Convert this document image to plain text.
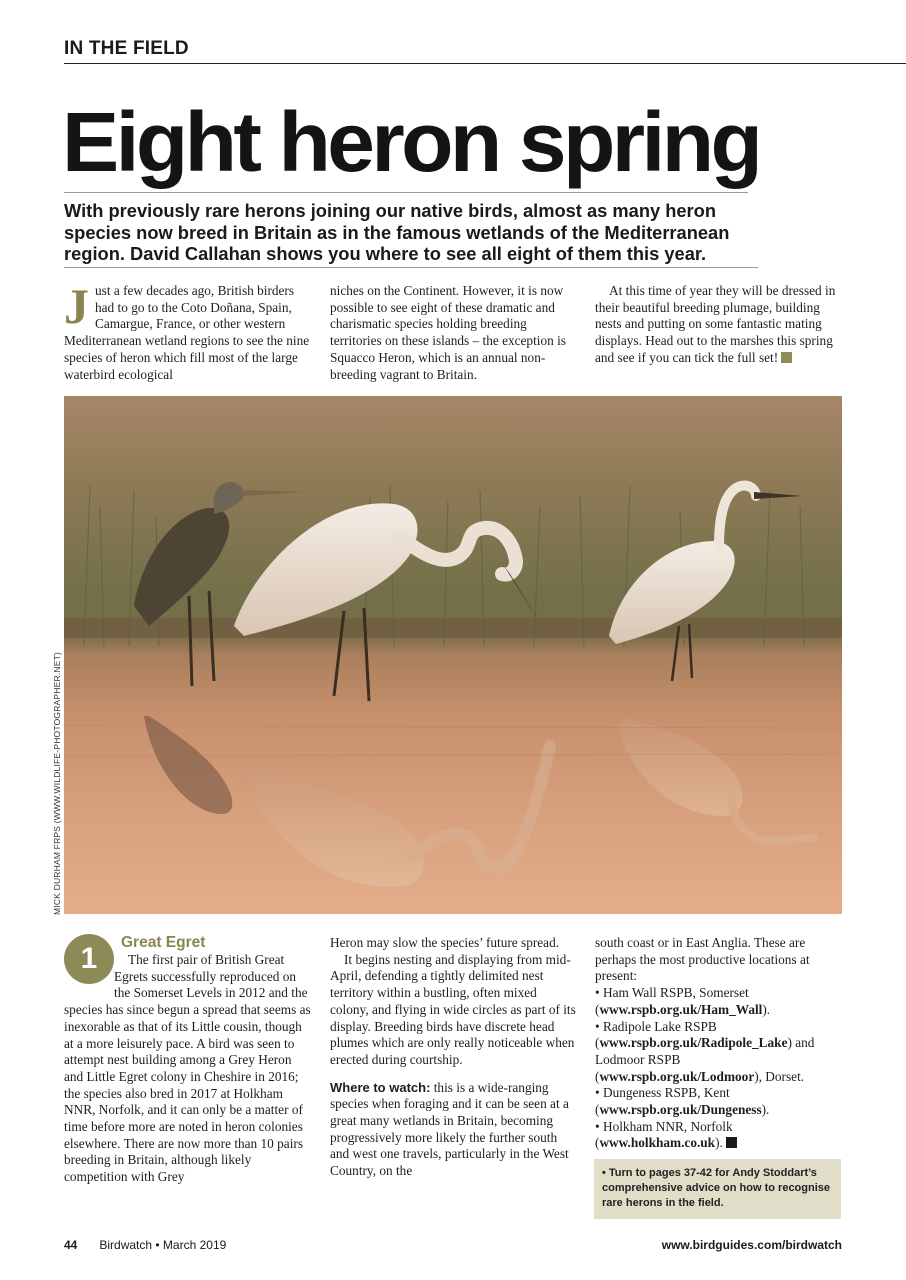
IN THE FIELD
Eight heron spring
With previously rare herons joining our native birds, almost as many heron species now breed in Britain as in the famous wetlands of the Mediterranean region. David Callahan shows you where to see all eight of them this year.
Just a few decades ago, British birders had to go to the Coto Doñana, Spain, Camargue, France, or other western Mediterranean wetland regions to see the nine species of heron which fill most of the large waterbird ecological
niches on the Continent. However, it is now possible to see eight of these dramatic and charismatic species holding breeding territories on these islands – the exception is Squacco Heron, which is an annual non-breeding vagrant to Britain.

At this time of year they will be dressed in their beautiful breeding plumage, building nests and putting on some fantastic mating displays. Head out to the marshes this spring and see if you can tick the full set!

MICK DURHAM FRPS (WWW.WILDLIFE-PHOTOGRAPHER.NET)
1	Great Egret

The first pair of British Great Egrets successfully reproduced on the Somerset Levels in 2012 and the species has since begun a spread that seems as inexorable as that of its Little cousin, though at a more leisurely pace. A bird was seen to attempt nest building among a Grey Heron and Little Egret colony in Cheshire in 2016; the species also bred in 2017 at Holkham NNR, Norfolk, and it can only be a matter of time before more are noted in heron colonies elsewhere. There are now more than 10 pairs breeding in Britain, although likely competition with Grey

Heron may slow the species’ future spread.

It begins nesting and displaying from mid-April, defending a tightly delimited nest territory within a bustling, often mixed colony, and flying in wide circles as part of its display. Breeding birds have discrete head plumes which are only really noticeable when erected during courtship.

Where to watch: this is a wide-ranging species when foraging and it can be seen at a great many wetlands in Britain, becoming progressively more likely the further south and west one travels, particularly in the West Country, on the

south coast or in East Anglia. These are perhaps the most productive locations at present:

• Ham Wall RSPB, Somerset (www.rspb.org.uk/Ham_Wall).

• Radipole Lake RSPB (www.rspb.org.uk/Radipole_Lake) and Lodmoor RSPB (www.rspb.org.uk/Lodmoor), Dorset.

• Dungeness RSPB, Kent (www.rspb.org.uk/Dungeness).

• Holkham NNR, Norfolk (www.holkham.co.uk).

• Turn to pages 37-42 for Andy Stoddart’s comprehensive advice on how to recognise rare herons in the field.
44 Birdwatch • March 2019	www.birdguides.com/birdwatch
